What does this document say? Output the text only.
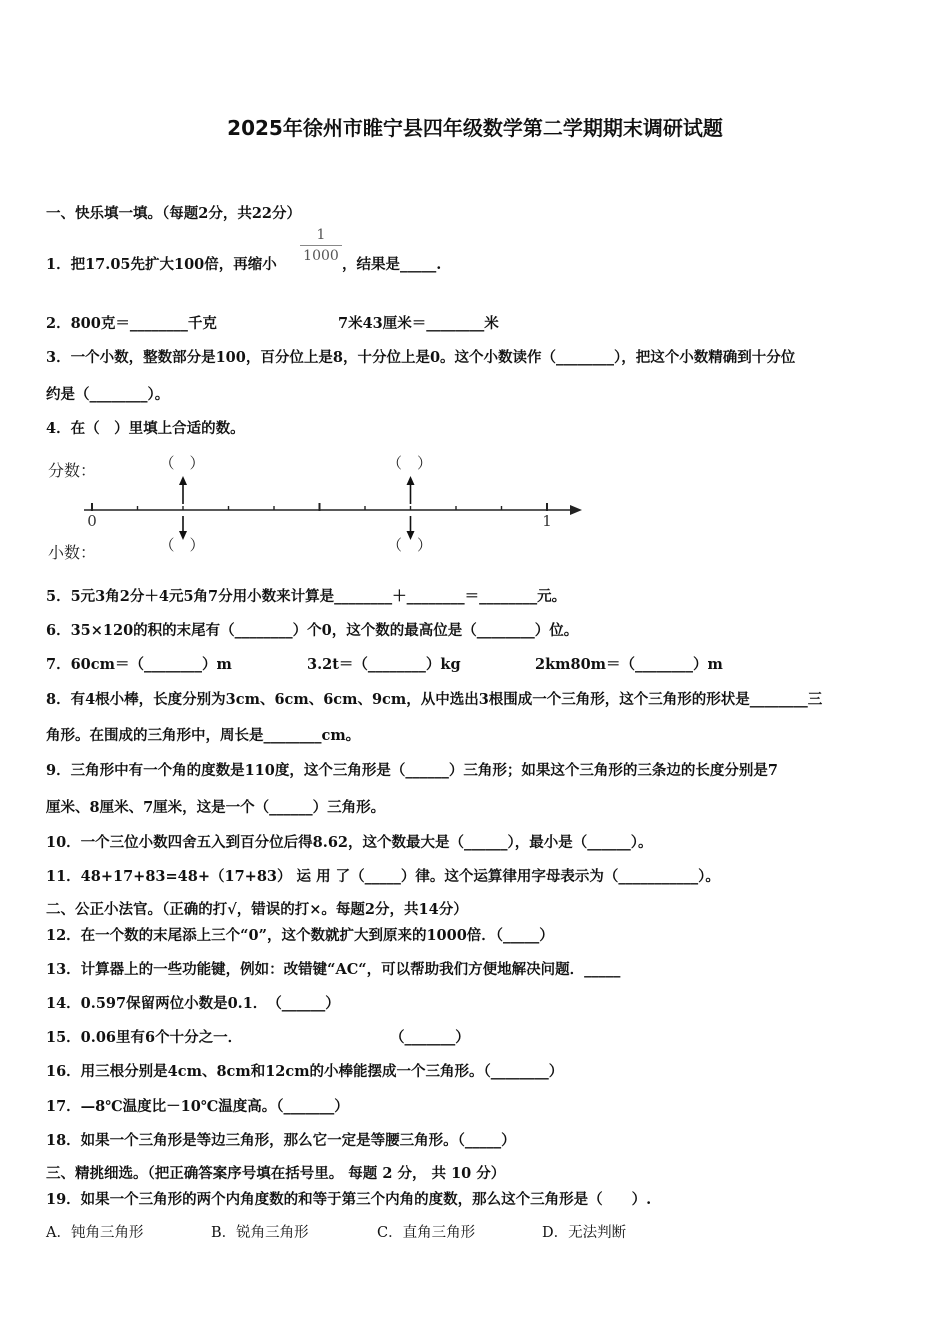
2025年徐州市睢宁县四年级数学第二学期期末调研试题
一、快乐填一填。（每题2分，共22分）
1．把17.05先扩大100倍，再缩小
1
1000 ，结果是_____.
2．800克＝________千克	7米43厘米＝________米
3．一个小数，整数部分是100，百分位上是8，十分位上是0。这个小数读作（________），把这个小数精确到十分位
约是（________）。
4．在（　）里填上合适的数。
分数：
小数：
0	1
（　）
（　）
（　）
（　）
5．5元3角2分＋4元5角7分用小数来计算是________＋________＝________元。
6．35×120的积的末尾有（________）个0，这个数的最高位是（________）位。
7．60cm＝（________）m	3.2t＝（________）kg	2km80m＝（________）m
8．有4根小棒，长度分别为3cm、6cm、6cm、9cm，从中选出3根围成一个三角形，这个三角形的形状是________三
角形。在围成的三角形中，周长是________cm。
9．三角形中有一个角的度数是110度，这个三角形是（______）三角形；如果这个三角形的三条边的长度分别是7
厘米、8厘米、7厘米，这是一个（______）三角形。
10．一个三位小数四舍五入到百分位后得8.62，这个数最大是（______），最小是（______）。
11．48+17+83=48+（17+83） 运 用 了（_____）律。这个运算律用字母表示为（___________）。
二、公正小法官。（正确的打√，错误的打×。每题2分，共14分）
12．在一个数的末尾添上三个“0”，这个数就扩大到原来的1000倍．（_____）
13．计算器上的一些功能键，例如：改错键“AC“，可以帮助我们方便地解决问题．_____
14．0.597保留两位小数是0.1．　（______）
15．0.06里有6个十分之一．	（_______）
16．用三根分别是4cm、8cm和12cm的小棒能摆成一个三角形。（________）
17．—8℃温度比－10℃温度高。（_______）
18．如果一个三角形是等边三角形，那么它一定是等腰三角形。（_____）
三、精挑细选。（把正确答案序号填在括号里。 每题 2 分， 共 10 分）
19．如果一个三角形的两个内角度数的和等于第三个内角的度数，那么这个三角形是（　　）.
A．钝角三角形	B．锐角三角形	C．直角三角形	D．无法判断
